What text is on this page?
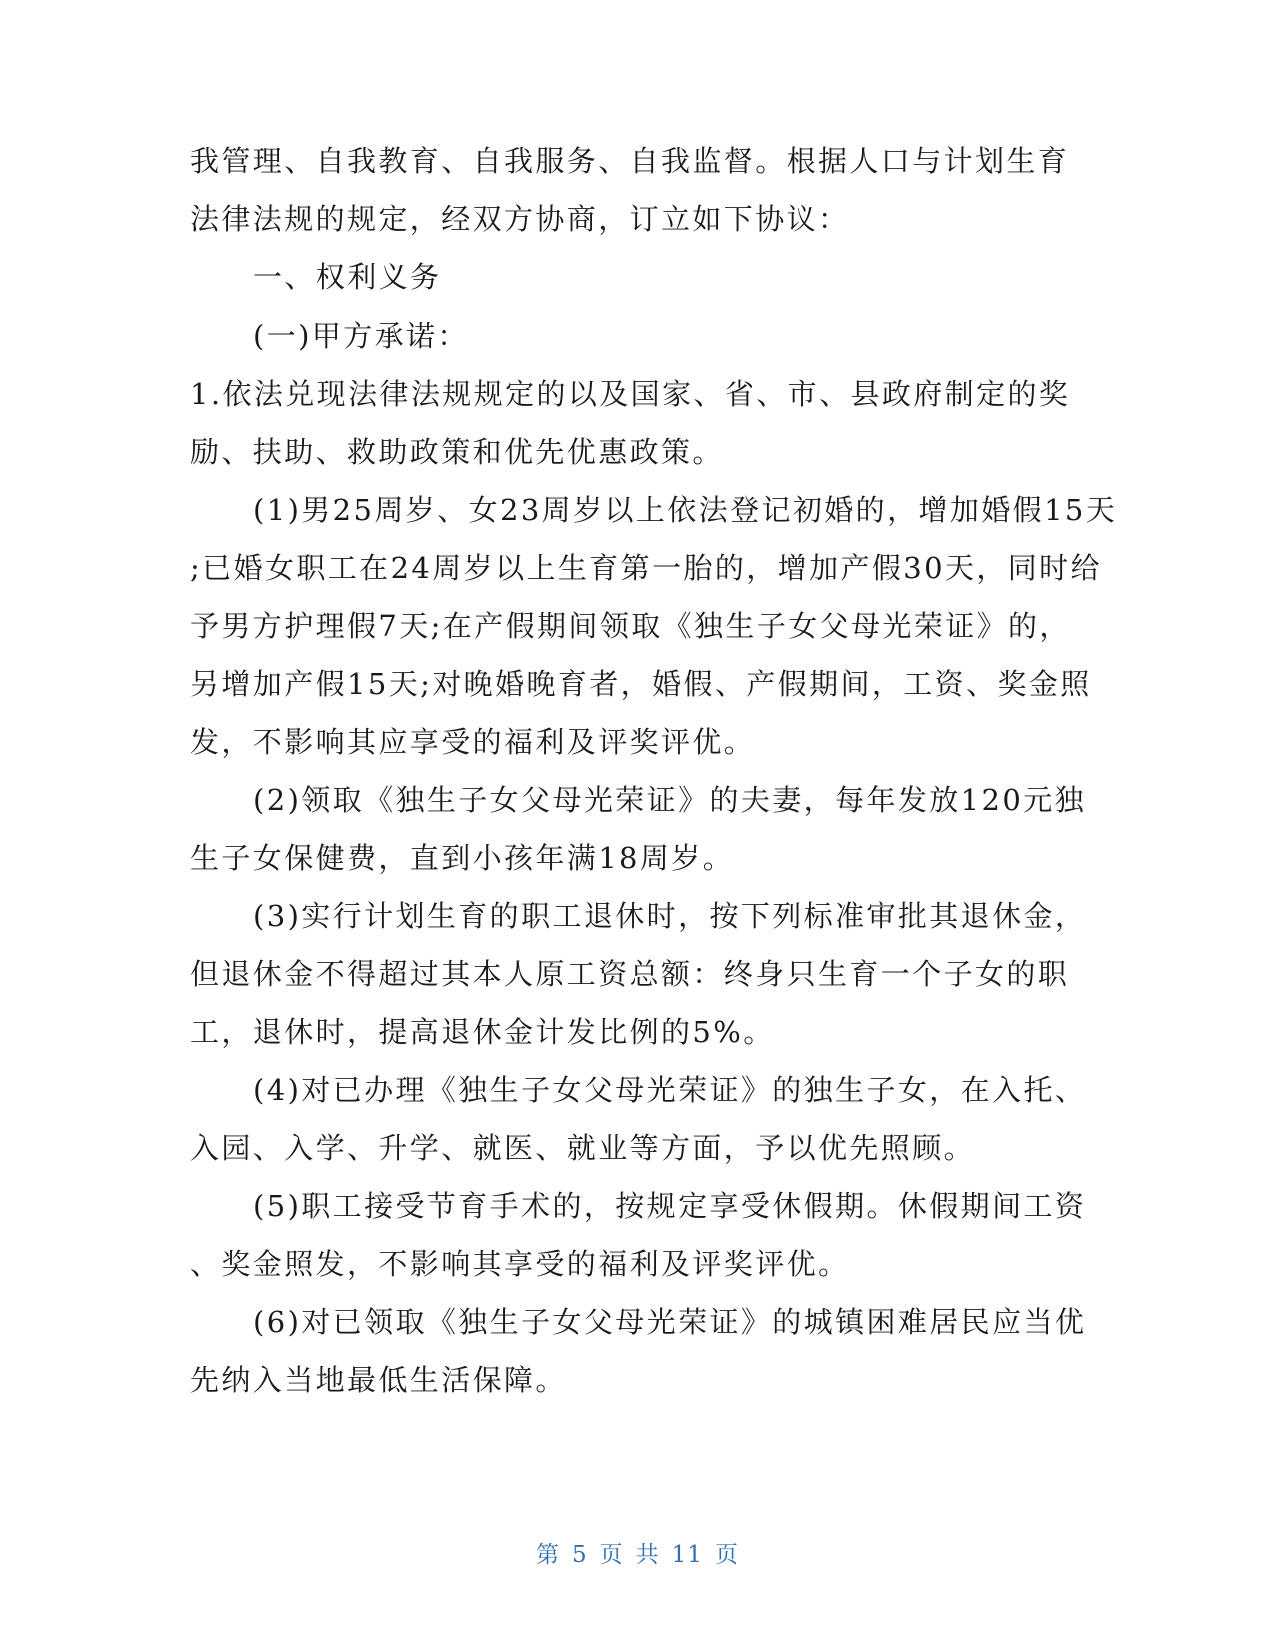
我管理、自我教育、自我服务、自我监督。根据人口与计划生育
法律法规的规定，经双方协商，订立如下协议：
一、权利义务
(一)甲方承诺：
1.依法兑现法律法规规定的以及国家、省、市、县政府制定的奖
励、扶助、救助政策和优先优惠政策。
(1)男25周岁、女23周岁以上依法登记初婚的，增加婚假15天
;已婚女职工在24周岁以上生育第一胎的，增加产假30天，同时给
予男方护理假7天;在产假期间领取《独生子女父母光荣证》的，
另增加产假15天;对晚婚晚育者，婚假、产假期间，工资、奖金照
发，不影响其应享受的福利及评奖评优。
(2)领取《独生子女父母光荣证》的夫妻，每年发放120元独
生子女保健费，直到小孩年满18周岁。
(3)实行计划生育的职工退休时，按下列标准审批其退休金，
但退休金不得超过其本人原工资总额：终身只生育一个子女的职
工，退休时，提高退休金计发比例的5%。
(4)对已办理《独生子女父母光荣证》的独生子女，在入托、
入园、入学、升学、就医、就业等方面，予以优先照顾。
(5)职工接受节育手术的，按规定享受休假期。休假期间工资
、奖金照发，不影响其享受的福利及评奖评优。
(6)对已领取《独生子女父母光荣证》的城镇困难居民应当优
先纳入当地最低生活保障。
第 5 页 共 11 页
